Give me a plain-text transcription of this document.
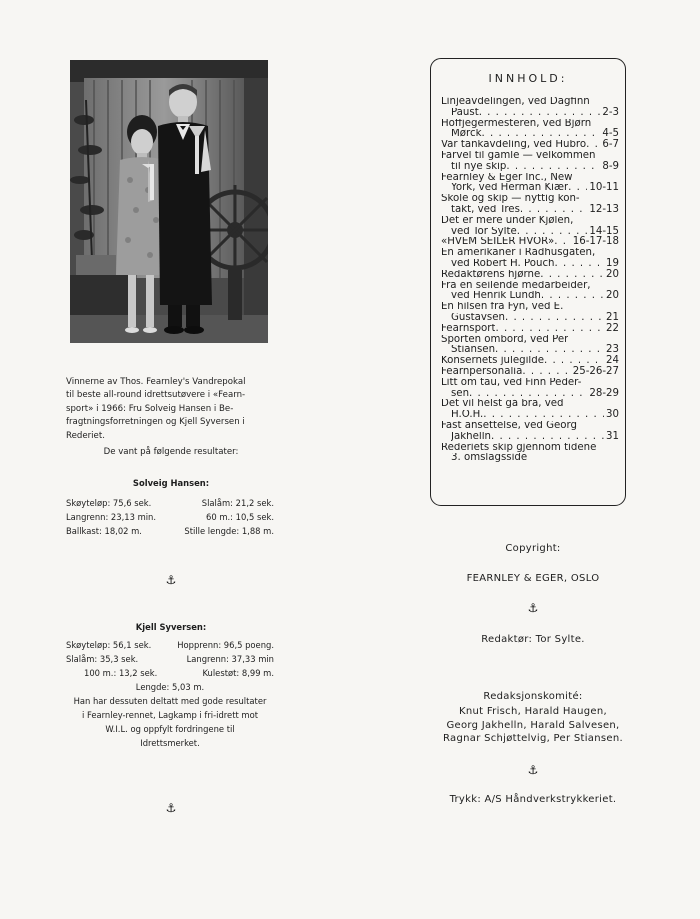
Vinnerne av Thos. Fearnley's Vandrepokal
til beste all-round idrettsutøvere i «Fearn-
sport» i 1966: Fru Solveig Hansen i Be-
fragtningsforretningen og Kjell Syversen i
Rederiet.

De vant på følgende resultater:

Solveig Hansen:

Skøyteløp: 75,6 sek.	Slalåm: 21,2 sek.
Langrenn: 23,13 min.	60 m.: 10,5 sek.
Ballkast: 18,02 m.	Stille lengde: 1,88 m.
⚓

Kjell Syversen:

Skøyteløp: 56,1 sek.	Hopprenn: 96,5 poeng.
Slalåm: 35,3 sek.	Langrenn: 37,33 min
100 m.: 13,2 sek.	Kulestøt: 8,99 m.
Lengde: 5,03 m.

Han har dessuten deltatt med gode resultater
i Fearnley-rennet, Lagkamp i fri-idrett mot
W.I.L. og oppfylt fordringene til
Idrettsmerket.

⚓

INNHOLD:

Linjeavdelingen, ved Dagfinn
Paust . . .	2-3
Hoffjegermesteren, ved Bjørn
Mørck . . .	4-5
Vår tankavdeling, ved Hubro . . . 6-7
Farvel til gamle — velkommen
til nye skip . . .	8-9
Fearnley & Eger Inc., New
York, ved Herman Kiær . . . 10-11
Skole og skip — nyttig kon-
takt, ved Tres . . .	12-13
Det er mere under Kjølen,
ved Tor Sylte . . .	14-15
«HVEM SEILER HVOR» . . . 16-17-18
En amerikaner i Rådhusgaten,
ved Robert H. Pouch . . .	19
Redaktørens hjørne . . .	20
Fra en seilende medarbeider,
ved Henrik Lundh . . .	20
En hilsen fra Fyn, ved E.
Gustavsen . . .	21
Fearnsport . . .	22
Sporten ombord, ved Per
Stiansen . . .	23
Konsernets julegilde . . .	24
Fearnpersonalia . . .	25-26-27
Litt om tau, ved Finn Peder-
sen . . .	28-29
Det vil helst gå bra, ved
H.O.H. . . .	30
Fast ansettelse, ved Georg
Jakhelln . . .	31
Rederiets skip gjennom tidene
3. omslagsside

Copyright:

FEARNLEY & EGER, OSLO

⚓

Redaktør: Tor Sylte.

Redaksjonskomité:

Knut Frisch, Harald Haugen,
Georg Jakhelln, Harald Salvesen,
Ragnar Schjøttelvig, Per Stiansen.

⚓

Trykk: A/S Håndverkstrykkeriet.
